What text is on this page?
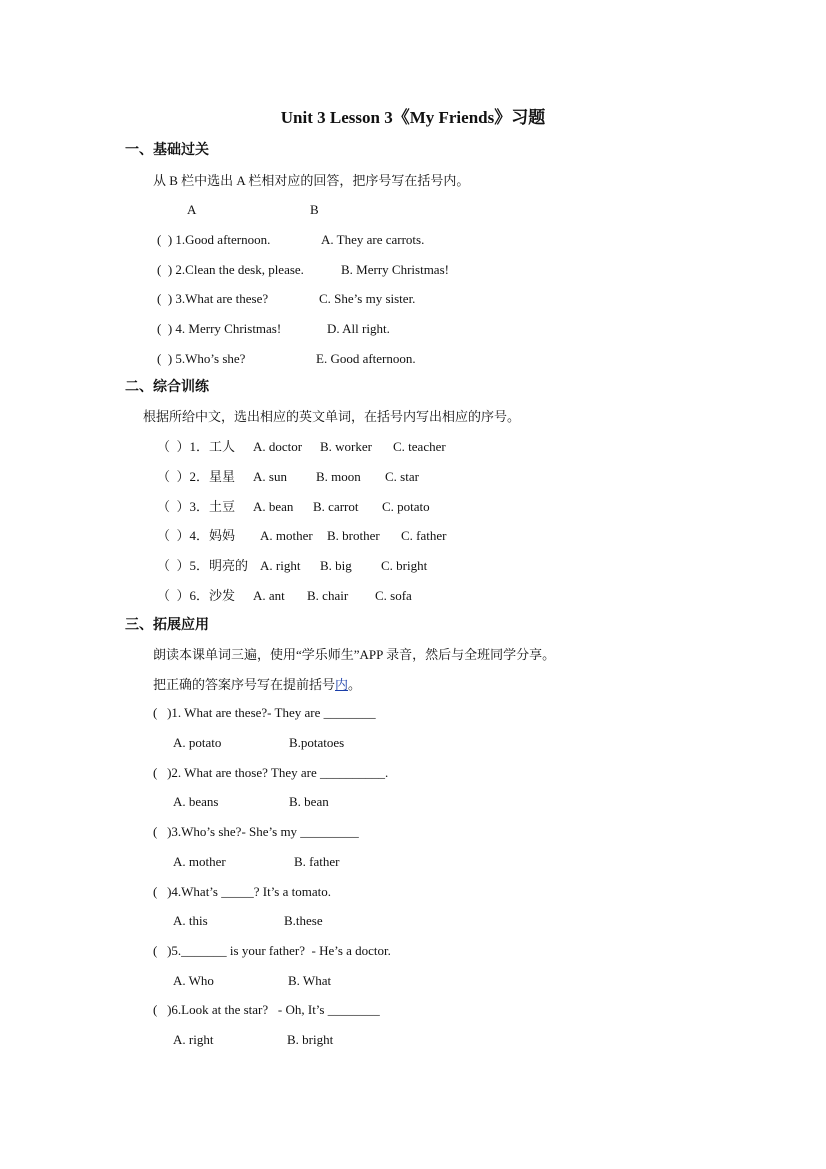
Unit 3 Lesson 3《My Friends》习题
一、基础过关
从 B 栏中选出 A 栏相对应的回答，把序号写在括号内。
A	B
(  ) 1.Good afternoon.	A. They are carrots.
(  ) 2.Clean the desk, please.	B. Merry Christmas!
(  ) 3.What are these?	C. She’s my sister.
(  ) 4. Merry Christmas!	D. All right.
(  ) 5.Who’s she?	E. Good afternoon.
二、综合训练
根据所给中文，选出相应的英文单词，在括号内写出相应的序号。
（  ）1．工人 A. doctor B. worker C. teacher
（  ）2．星星 A. sun B. moon C. star
（  ）3．土豆 A. bean B. carrot C. potato
（  ）4．妈妈 A. mother B. brother C. father
（  ）5．明亮的 A. right B. big C. bright
（  ）6．沙发 A. ant B. chair C. sofa
三、拓展应用
朗读本课单词三遍，使用“学乐师生”APP 录音，然后与全班同学分享。
把正确的答案序号写在提前括号内。
(   )1. What are these?- They are ________
A. potato	B.potatoes
(   )2. What are those? They are __________.
A. beans	B. bean
(   )3.Who’s she?- She’s my _________
A. mother	B. father
(   )4.What’s _____? It’s a tomato.
A. this	B.these
(   )5._______ is your father?  - He’s a doctor.
A. Who	B. What
(   )6.Look at the star?   - Oh, It’s ________
A. right	B. bright
